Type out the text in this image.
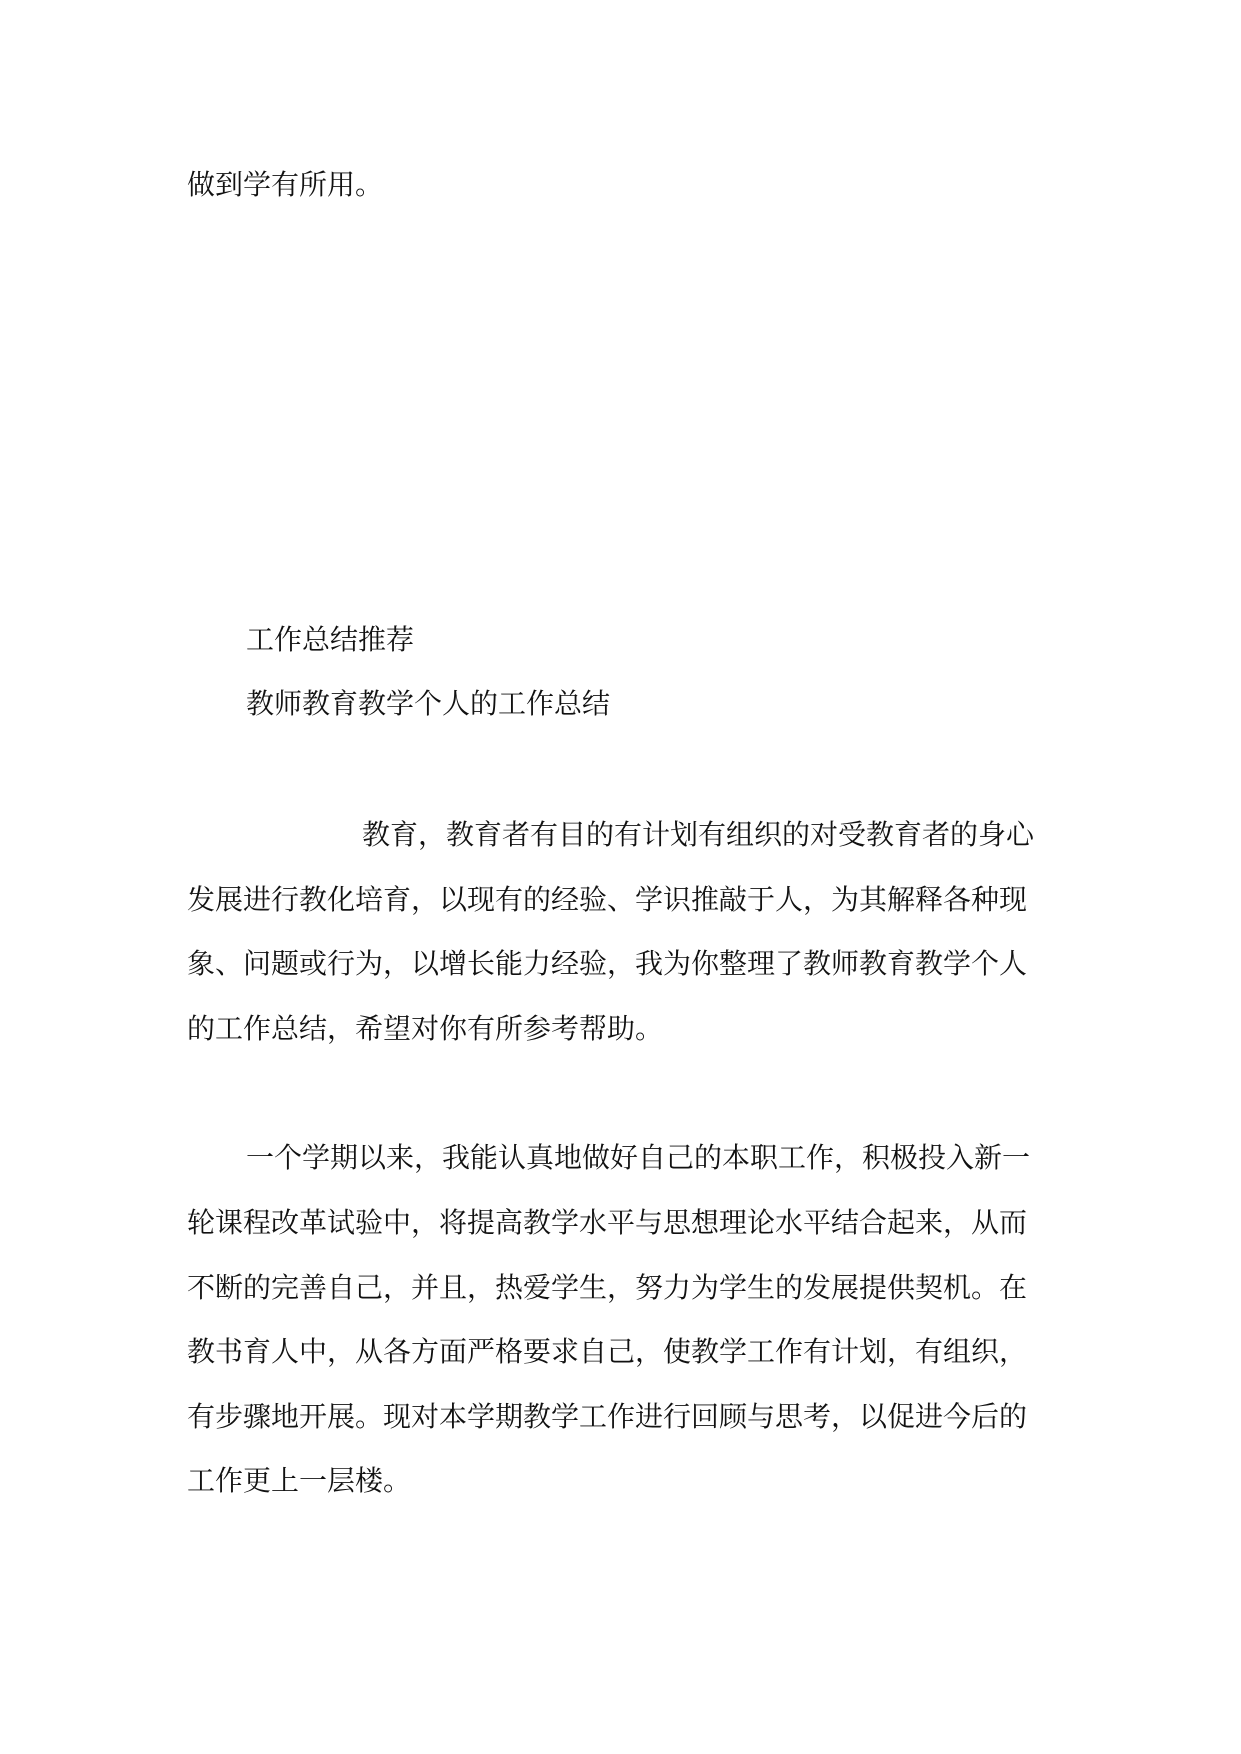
做到学有所用。
工作总结推荐
教师教育教学个人的工作总结
教育，教育者有目的有计划有组织的对受教育者的身心
发展进行教化培育，以现有的经验、学识推敲于人，为其解释各种现
象、问题或行为，以增长能力经验，我为你整理了教师教育教学个人
的工作总结，希望对你有所参考帮助。
一个学期以来，我能认真地做好自己的本职工作，积极投入新一
轮课程改革试验中，将提高教学水平与思想理论水平结合起来，从而
不断的完善自己，并且，热爱学生，努力为学生的发展提供契机。在
教书育人中，从各方面严格要求自己，使教学工作有计划，有组织，
有步骤地开展。现对本学期教学工作进行回顾与思考，以促进今后的
工作更上一层楼。
